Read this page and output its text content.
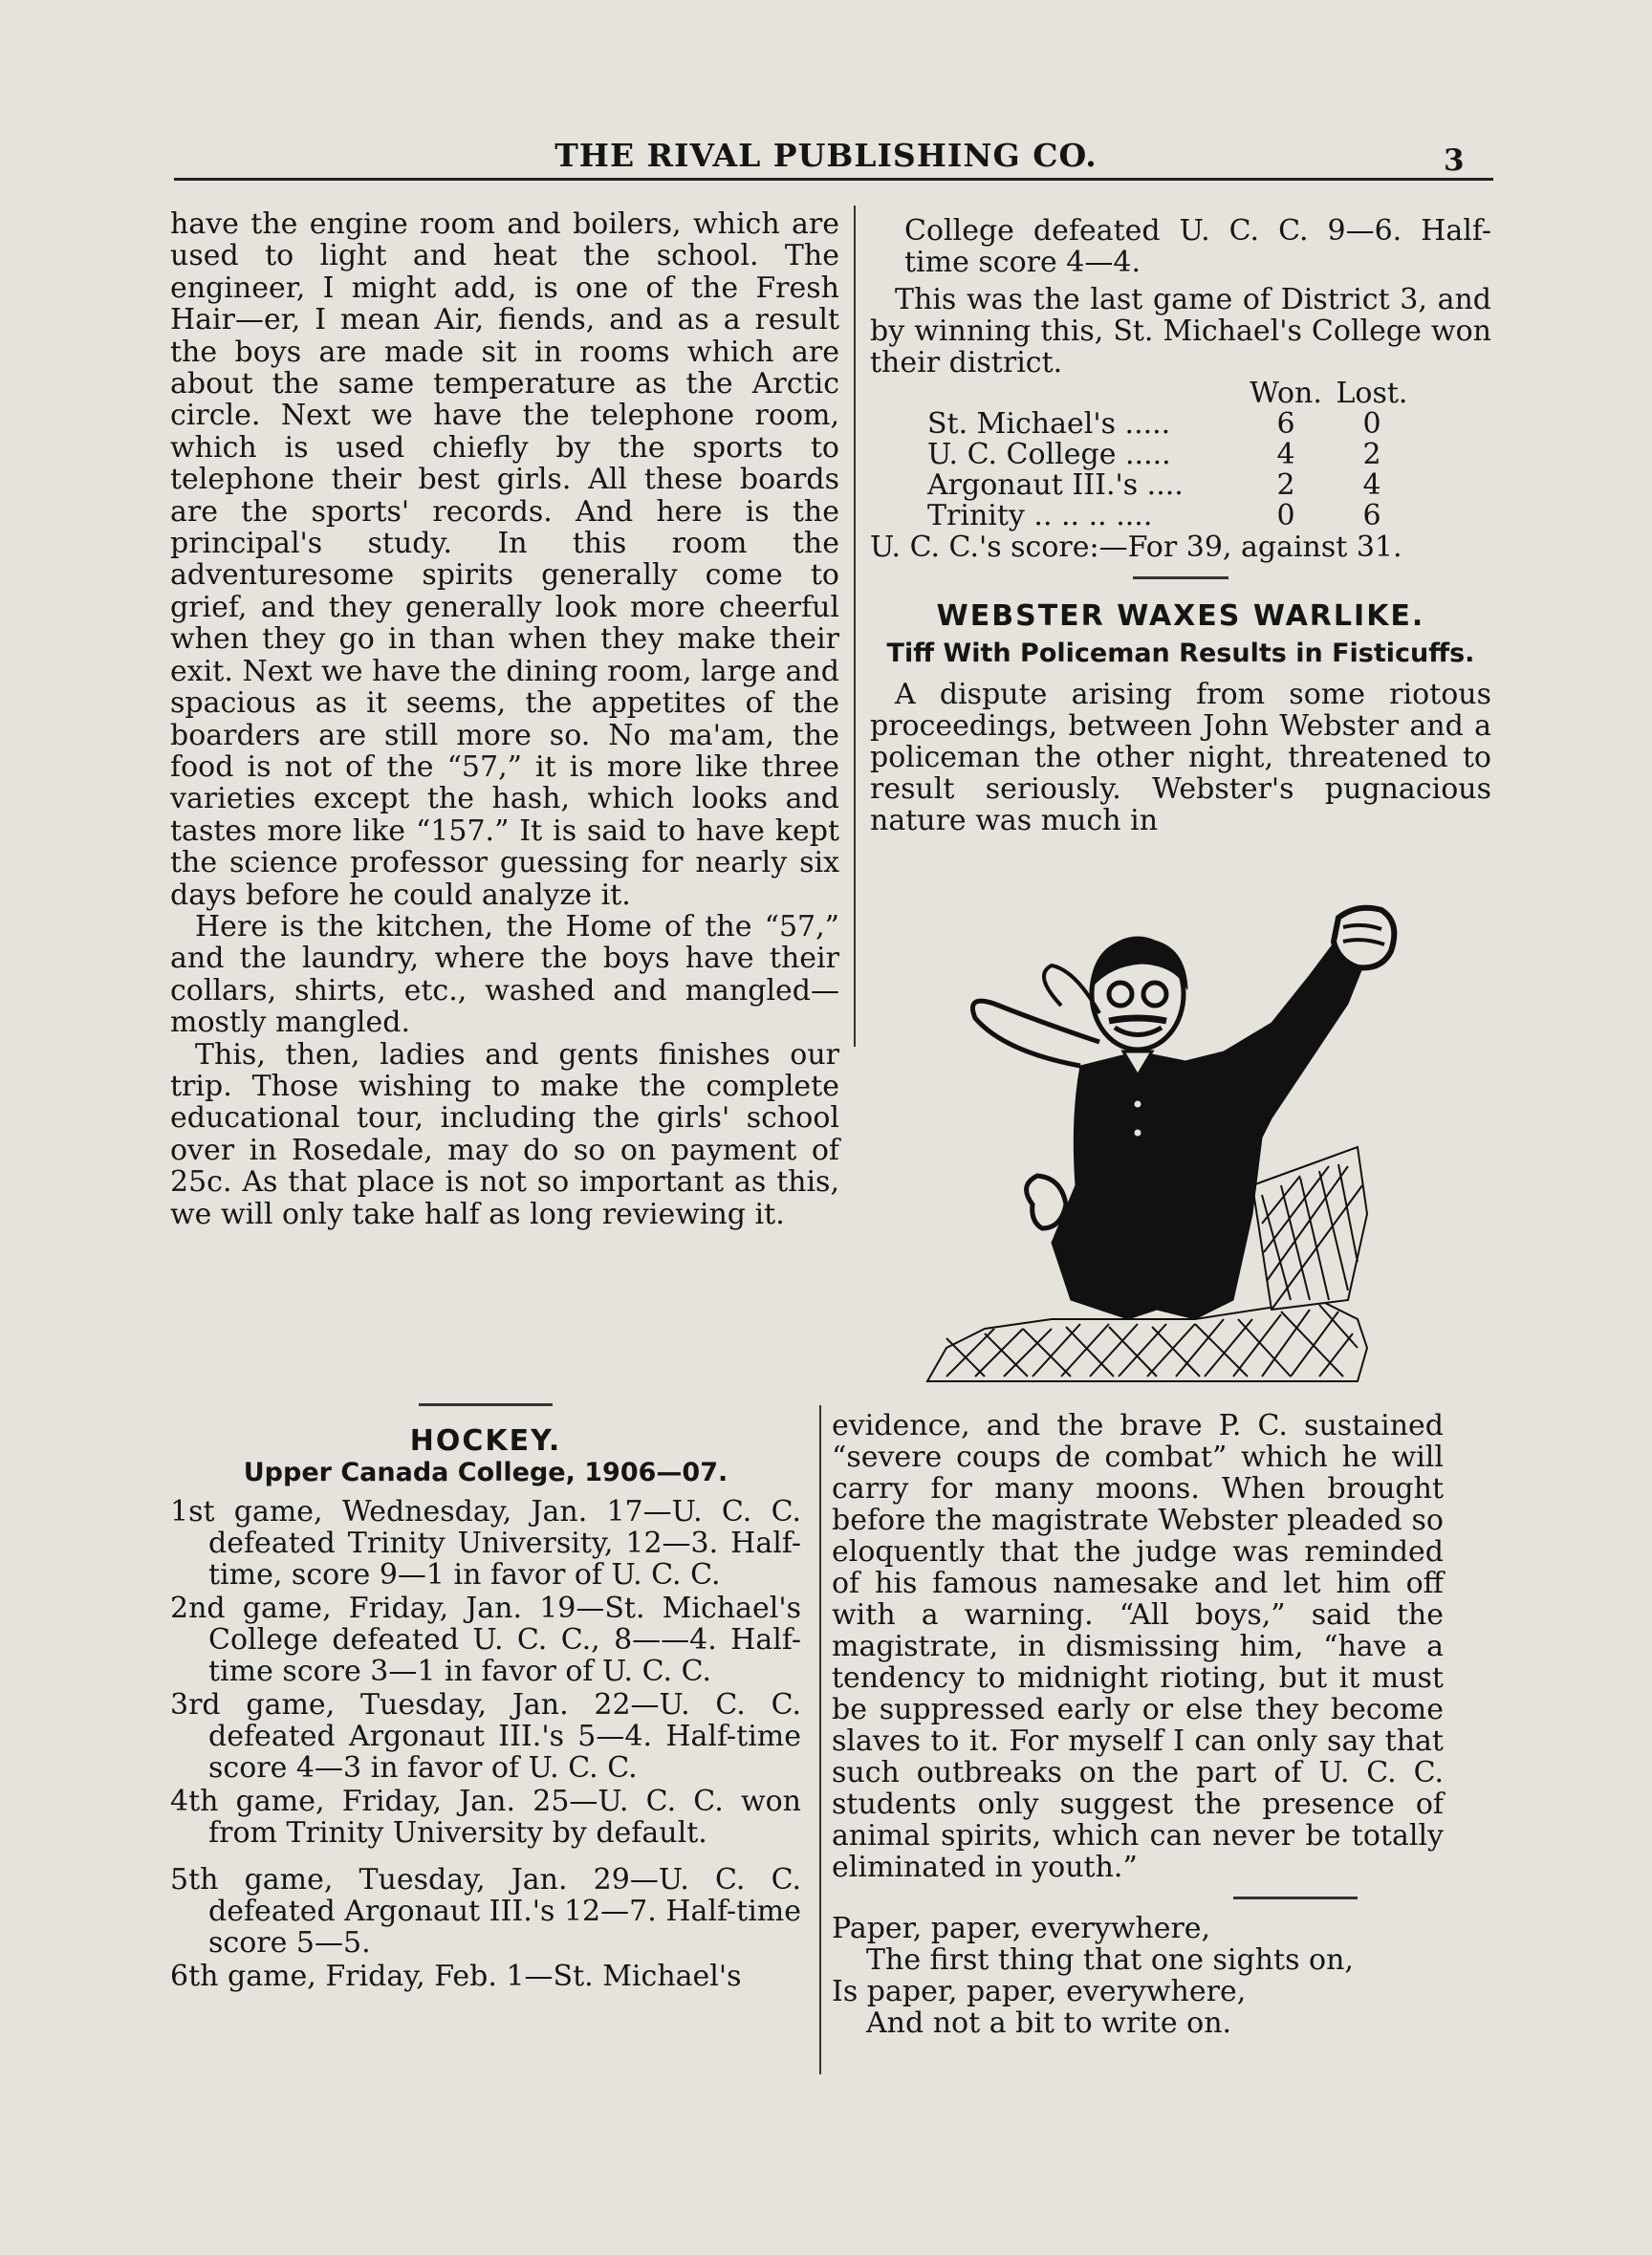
THE RIVAL PUBLISHING CO.	3

have the engine room and boilers, which are used to light and heat the school. The engineer, I might add, is one of the Fresh Hair—er, I mean Air, fiends, and as a result the boys are made sit in rooms which are about the same temperature as the Arctic circle. Next we have the telephone room, which is used chiefly by the sports to telephone their best girls. All these boards are the sports' records. And here is the principal's study. In this room the adventuresome spirits generally come to grief, and they generally look more cheerful when they go in than when they make their exit. Next we have the dining room, large and spacious as it seems, the appetites of the boarders are still more so. No ma'am, the food is not of the “57,” it is more like three varieties except the hash, which looks and tastes more like “157.” It is said to have kept the science professor guessing for nearly six days before he could analyze it.

Here is the kitchen, the Home of the “57,” and the laundry, where the boys have their collars, shirts, etc., washed and mangled—mostly mangled.

This, then, ladies and gents finishes our trip. Those wishing to make the complete educational tour, including the girls' school over in Rosedale, may do so on payment of 25c. As that place is not so important as this, we will only take half as long reviewing it.

HOCKEY.
Upper Canada College, 1906—07.

1st game, Wednesday, Jan. 17—U. C. C. defeated Trinity University, 12—3. Half-time, score 9—1 in favor of U. C. C.

2nd game, Friday, Jan. 19—St. Michael's College defeated U. C. C., 8——4. Half-time score 3—1 in favor of U. C. C.

3rd game, Tuesday, Jan. 22—U. C. C. defeated Argonaut III.'s 5—4. Half-time score 4—3 in favor of U. C. C.

4th game, Friday, Jan. 25—U. C. C. won from Trinity University by default.

5th game, Tuesday, Jan. 29—U. C. C. defeated Argonaut III.'s 12—7. Half-time score 5—5.

6th game, Friday, Feb. 1—St. Michael's

College defeated U. C. C. 9—6. Half-time score 4—4.

This was the last game of District 3, and by winning this, St. Michael's College won their district.

	Won.	Lost.
St. Michael's .....	6	0
U. C. College .....	4	2
Argonaut III.'s ....	2	4
Trinity .. .. .. ....	0	6

U. C. C.'s score:—For 39, against 31.

WEBSTER WAXES WARLIKE.
Tiff With Policeman Results in Fisticuffs.

A dispute arising from some riotous proceedings, between John Webster and a policeman the other night, threatened to result seriously. Webster's pugnacious nature was much in

evidence, and the brave P. C. sustained “severe coups de combat” which he will carry for many moons. When brought before the magistrate Webster pleaded so eloquently that the judge was reminded of his famous namesake and let him off with a warning. “All boys,” said the magistrate, in dismissing him, “have a tendency to midnight rioting, but it must be suppressed early or else they become slaves to it. For myself I can only say that such outbreaks on the part of U. C. C. students only suggest the presence of animal spirits, which can never be totally eliminated in youth.”

Paper, paper, everywhere,

The first thing that one sights on,

Is paper, paper, everywhere,

And not a bit to write on.
